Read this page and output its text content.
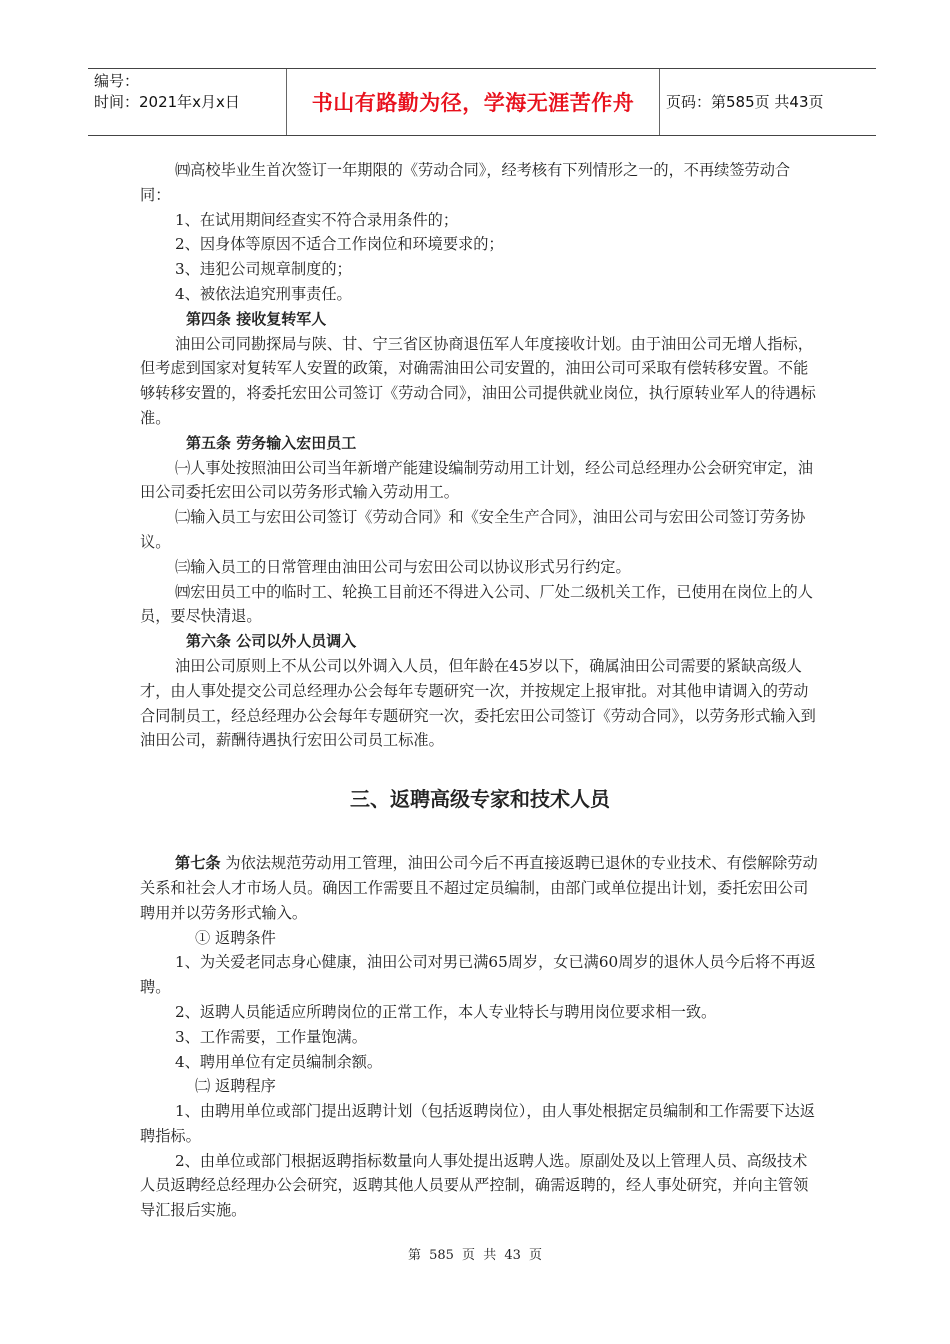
编号：
时间：2021年x月x日	书山有路勤为径，学海无涯苦作舟 页码：第585页 共43页

㈣高校毕业生首次签订一年期限的《劳动合同》，经考核有下列情形之一的，不再续签劳动合同：

1、在试用期间经查实不符合录用条件的；

2、因身体等原因不适合工作岗位和环境要求的；

3、违犯公司规章制度的；

4、被依法追究刑事责任。

第四条 接收复转军人

油田公司同勘探局与陕、甘、宁三省区协商退伍军人年度接收计划。由于油田公司无增人指标，但考虑到国家对复转军人安置的政策，对确需油田公司安置的，油田公司可采取有偿转移安置。不能够转移安置的，将委托宏田公司签订《劳动合同》，油田公司提供就业岗位，执行原转业军人的待遇标准。

第五条 劳务输入宏田员工

㈠人事处按照油田公司当年新增产能建设编制劳动用工计划，经公司总经理办公会研究审定，油田公司委托宏田公司以劳务形式输入劳动用工。

㈡输入员工与宏田公司签订《劳动合同》和《安全生产合同》，油田公司与宏田公司签订劳务协议。

㈢输入员工的日常管理由油田公司与宏田公司以协议形式另行约定。

㈣宏田员工中的临时工、轮换工目前还不得进入公司、厂处二级机关工作，已使用在岗位上的人员，要尽快清退。

第六条 公司以外人员调入

油田公司原则上不从公司以外调入人员，但年龄在45岁以下，确属油田公司需要的紧缺高级人才，由人事处提交公司总经理办公会每年专题研究一次，并按规定上报审批。对其他申请调入的劳动合同制员工，经总经理办公会每年专题研究一次，委托宏田公司签订《劳动合同》，以劳务形式输入到油田公司，薪酬待遇执行宏田公司员工标准。

三、返聘高级专家和技术人员

第七条 为依法规范劳动用工管理，油田公司今后不再直接返聘已退休的专业技术、有偿解除劳动关系和社会人才市场人员。确因工作需要且不超过定员编制，由部门或单位提出计划，委托宏田公司聘用并以劳务形式输入。

① 返聘条件

1、为关爱老同志身心健康，油田公司对男已满65周岁，女已满60周岁的退休人员今后将不再返聘。

2、返聘人员能适应所聘岗位的正常工作，本人专业特长与聘用岗位要求相一致。

3、工作需要，工作量饱满。

4、聘用单位有定员编制余额。

㈡ 返聘程序

1、由聘用单位或部门提出返聘计划（包括返聘岗位），由人事处根据定员编制和工作需要下达返聘指标。

2、由单位或部门根据返聘指标数量向人事处提出返聘人选。原副处及以上管理人员、高级技术人员返聘经总经理办公会研究，返聘其他人员要从严控制，确需返聘的，经人事处研究，并向主管领导汇报后实施。

第 585 页 共 43 页
